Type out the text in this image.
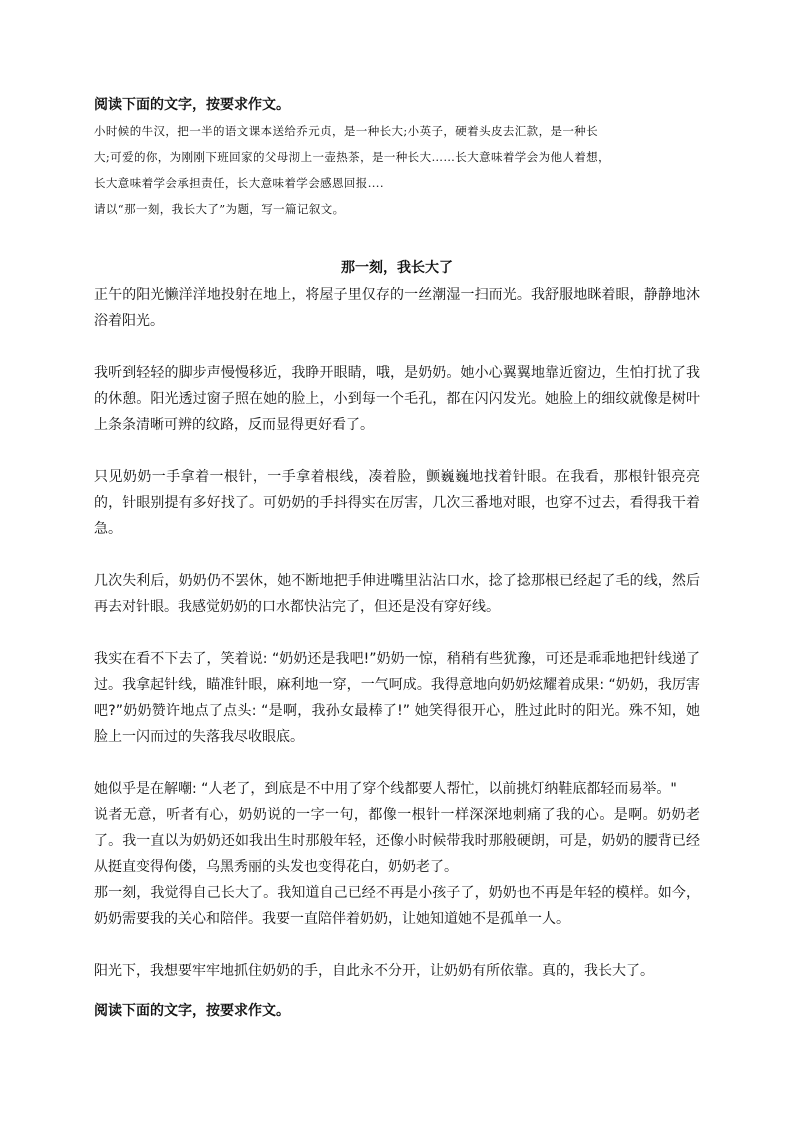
阅读下面的文字，按要求作文。
小时候的牛汉，把一半的语文课本送给乔元贞，是一种长大;小英子，硬着头皮去汇款，是一种长
大;可爱的你，为刚刚下班回家的父母沏上一壶热茶，是一种长大……长大意味着学会为他人着想，
长大意味着学会承担责任，长大意味着学会感恩回报....
请以“那一刻，我长大了”为题，写一篇记叙文。
那一刻，我长大了

正午的阳光懒洋洋地投射在地上，将屋子里仅存的一丝潮湿一扫而光。我舒服地眯着眼，静静地沐浴着阳光。

我听到轻轻的脚步声慢慢移近，我睁开眼睛，哦，是奶奶。她小心翼翼地靠近窗边，生怕打扰了我的休憩。阳光透过窗子照在她的脸上，小到每一个毛孔，都在闪闪发光。她脸上的细纹就像是树叶上条条清晰可辨的纹路，反而显得更好看了。

只见奶奶一手拿着一根针，一手拿着根线，凑着脸，颤巍巍地找着针眼。在我看，那根针银亮亮的，针眼别提有多好找了。可奶奶的手抖得实在厉害，几次三番地对眼，也穿不过去，看得我干着急。

几次失利后，奶奶仍不罢休，她不断地把手伸进嘴里沾沾口水，捻了捻那根已经起了毛的线，然后再去对针眼。我感觉奶奶的口水都快沾完了，但还是没有穿好线。

我实在看不下去了，笑着说: “奶奶还是我吧!”奶奶一惊，稍稍有些犹豫，可还是乖乖地把针线递了过。我拿起针线，瞄准针眼，麻利地一穿，一气呵成。我得意地向奶奶炫耀着成果: “奶奶，我厉害吧?”奶奶赞许地点了点头: “是啊，我孙女最棒了!” 她笑得很开心，胜过此时的阳光。殊不知，她脸上一闪而过的失落我尽收眼底。

她似乎是在解嘲: “人老了，到底是不中用了穿个线都要人帮忙，以前挑灯纳鞋底都轻而易举。"

说者无意，听者有心，奶奶说的一字一句，都像一根针一样深深地刺痛了我的心。是啊。奶奶老了。我一直以为奶奶还如我出生时那般年轻，还像小时候带我时那般硬朗，可是，奶奶的腰背已经从挺直变得佝偻，乌黑秀丽的头发也变得花白，奶奶老了。

那一刻，我觉得自己长大了。我知道自己已经不再是小孩子了，奶奶也不再是年轻的模样。如今，奶奶需要我的关心和陪伴。我要一直陪伴着奶奶，让她知道她不是孤单一人。

阳光下，我想要牢牢地抓住奶奶的手，自此永不分开，让奶奶有所依靠。真的，我长大了。

阅读下面的文字，按要求作文。
